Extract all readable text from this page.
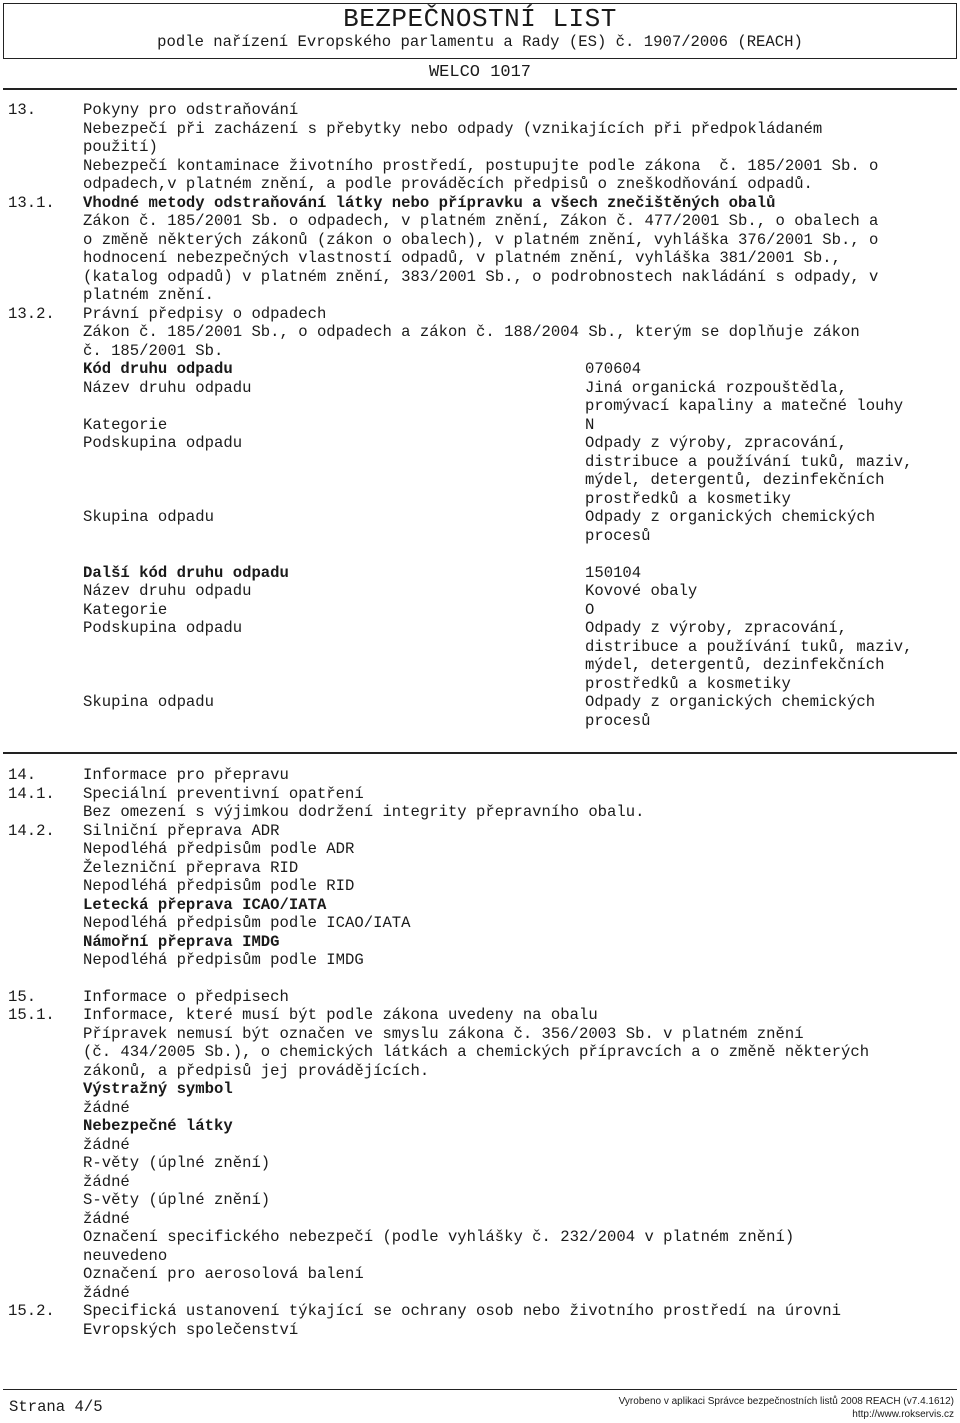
BEZPEČNOSTNÍ LIST
podle nařízení Evropského parlamentu a Rady (ES) č. 1907/2006 (REACH)
WELCO 1017
13.	Pokyny pro odstraňování
Nebezpečí při zacházení s přebytky nebo odpady (vznikajících při předpokládaném
použití)
Nebezpečí kontaminace životního prostředí, postupujte podle zákona  č. 185/2001 Sb. o
odpadech,v platném znění, a podle prováděcích předpisů o zneškodňování odpadů.
13.1. Vhodné metody odstraňování látky nebo přípravku a všech znečištěných obalů
Zákon č. 185/2001 Sb. o odpadech, v platném znění, Zákon č. 477/2001 Sb., o obalech a
o změně některých zákonů (zákon o obalech), v platném znění, vyhláška 376/2001 Sb., o
hodnocení nebezpečných vlastností odpadů, v platném znění, vyhláška 381/2001 Sb.,
(katalog odpadů) v platném znění, 383/2001 Sb., o podrobnostech nakládání s odpady, v
platném znění.
13.2. Právní předpisy o odpadech
Zákon č. 185/2001 Sb., o odpadech a zákon č. 188/2004 Sb., kterým se doplňuje zákon
č. 185/2001 Sb.
Kód druhu odpadu	070604
Název druhu odpadu	Jiná organická rozpouštědla,
promývací kapaliny a matečné louhy
Kategorie	N
Podskupina odpadu	Odpady z výroby, zpracování,
distribuce a používání tuků, maziv,
mýdel, detergentů, dezinfekčních
prostředků a kosmetiky
Skupina odpadu	Odpady z organických chemických
procesů
Další kód druhu odpadu	150104
Název druhu odpadu	Kovové obaly
Kategorie	O
Podskupina odpadu	Odpady z výroby, zpracování,
distribuce a používání tuků, maziv,
mýdel, detergentů, dezinfekčních
prostředků a kosmetiky
Skupina odpadu	Odpady z organických chemických
procesů
14.	Informace pro přepravu
14.1. Speciální preventivní opatření
Bez omezení s výjimkou dodržení integrity přepravního obalu.
14.2. Silniční přeprava ADR
Nepodléhá předpisům podle ADR
Železniční přeprava RID
Nepodléhá předpisům podle RID
Letecká přeprava ICAO/IATA
Nepodléhá předpisům podle ICAO/IATA
Námořní přeprava IMDG
Nepodléhá předpisům podle IMDG
15.	Informace o předpisech
15.1. Informace, které musí být podle zákona uvedeny na obalu
Přípravek nemusí být označen ve smyslu zákona č. 356/2003 Sb. v platném znění
(č. 434/2005 Sb.), o chemických látkách a chemických přípravcích a o změně některých
zákonů, a předpisů jej provádějících.
Výstražný symbol
žádné
Nebezpečné látky
žádné
R-věty (úplné znění)
žádné
S-věty (úplné znění)
žádné
Označení specifického nebezpečí (podle vyhlášky č. 232/2004 v platném znění)
neuvedeno
Označení pro aerosolová balení
žádné
15.2. Specifická ustanovení týkající se ochrany osob nebo životního prostředí na úrovni
Evropských společenství
Strana 4/5	Vyrobeno v aplikaci Správce bezpečnostních listů 2008 REACH (v7.4.1612)
http://www.rokservis.cz
